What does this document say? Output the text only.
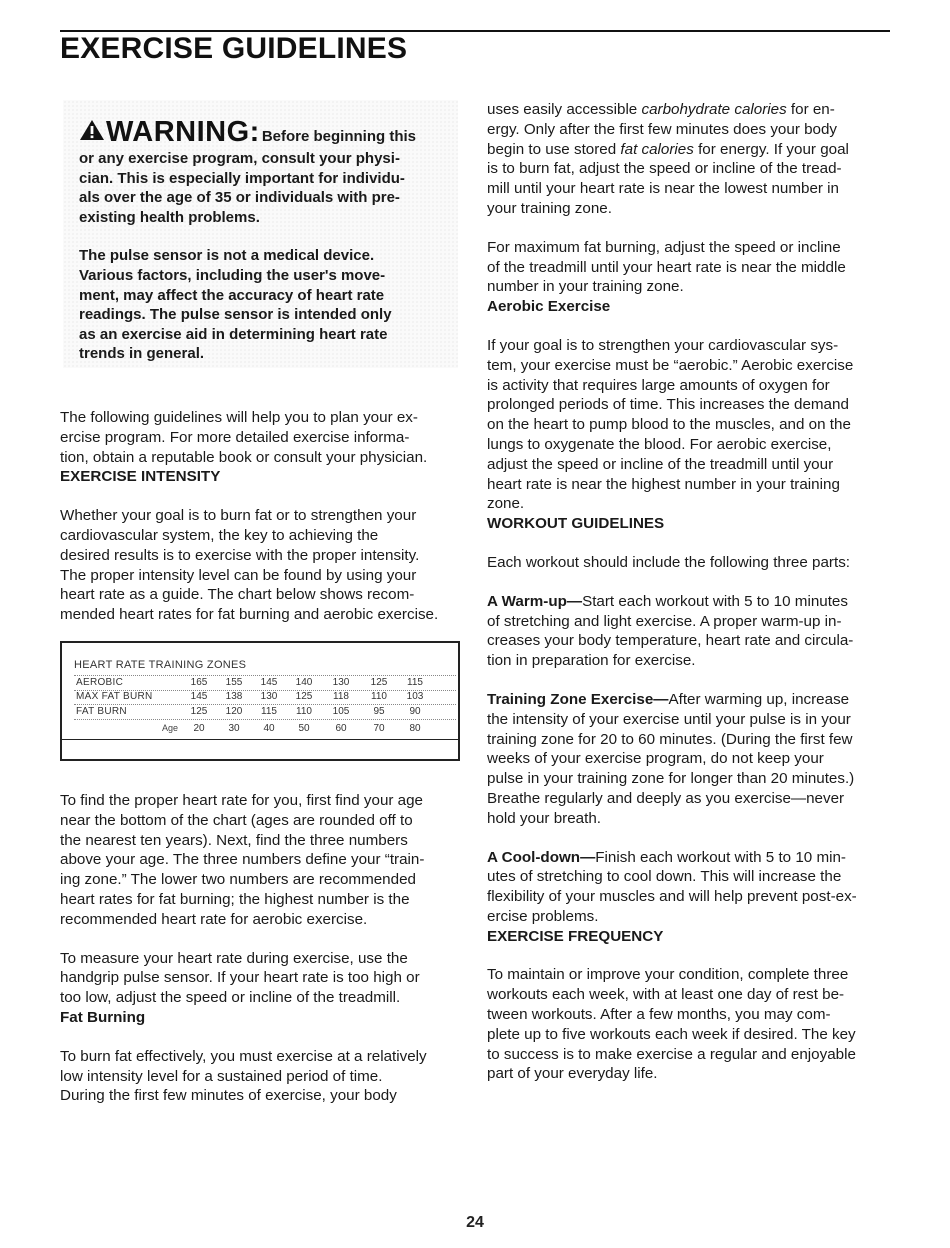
EXERCISE GUIDELINES
WARNING: Before beginning this

or any exercise program, consult your physi-
cian. This is especially important for individu-
als over the age of 35 or individuals with pre-
existing health problems.

The pulse sensor is not a medical device.
Various factors, including the user's move-
ment, may affect the accuracy of heart rate
readings. The pulse sensor is intended only
as an exercise aid in determining heart rate
trends in general.

The following guidelines will help you to plan your ex-
ercise program. For more detailed exercise informa-
tion, obtain a reputable book or consult your physician.

EXERCISE INTENSITY

Whether your goal is to burn fat or to strengthen your
cardiovascular system, the key to achieving the
desired results is to exercise with the proper intensity.
The proper intensity level can be found by using your
heart rate as a guide. The chart below shows recom-
mended heart rates for fat burning and aerobic exercise.

HEART RATE TRAINING ZONES
AEROBIC	165	155	145	140	130	125	115
MAX FAT BURN	145	138	130	125	118	110	103
FAT BURN	125	120	115	110	105	95	90
Age	20	30	40	50	60	70	80

To find the proper heart rate for you, first find your age
near the bottom of the chart (ages are rounded off to
the nearest ten years). Next, find the three numbers
above your age. The three numbers define your “train-
ing zone.” The lower two numbers are recommended
heart rates for fat burning; the highest number is the
recommended heart rate for aerobic exercise.

To measure your heart rate during exercise, use the
handgrip pulse sensor. If your heart rate is too high or
too low, adjust the speed or incline of the treadmill.

Fat Burning

To burn fat effectively, you must exercise at a relatively
low intensity level for a sustained period of time.
During the first few minutes of exercise, your body

uses easily accessible carbohydrate calories for en-
ergy. Only after the first few minutes does your body
begin to use stored fat calories for energy. If your goal
is to burn fat, adjust the speed or incline of the tread-
mill until your heart rate is near the lowest number in
your training zone.

For maximum fat burning, adjust the speed or incline
of the treadmill until your heart rate is near the middle
number in your training zone.

Aerobic Exercise

If your goal is to strengthen your cardiovascular sys-
tem, your exercise must be “aerobic.” Aerobic exercise
is activity that requires large amounts of oxygen for
prolonged periods of time. This increases the demand
on the heart to pump blood to the muscles, and on the
lungs to oxygenate the blood. For aerobic exercise,
adjust the speed or incline of the treadmill until your
heart rate is near the highest number in your training
zone.

WORKOUT GUIDELINES

Each workout should include the following three parts:

A Warm-up—Start each workout with 5 to 10 minutes
of stretching and light exercise. A proper warm-up in-
creases your body temperature, heart rate and circula-
tion in preparation for exercise.

Training Zone Exercise—After warming up, increase
the intensity of your exercise until your pulse is in your
training zone for 20 to 60 minutes. (During the first few
weeks of your exercise program, do not keep your
pulse in your training zone for longer than 20 minutes.)
Breathe regularly and deeply as you exercise—never
hold your breath.

A Cool-down—Finish each workout with 5 to 10 min-
utes of stretching to cool down. This will increase the
flexibility of your muscles and will help prevent post-ex-
ercise problems.

EXERCISE FREQUENCY

To maintain or improve your condition, complete three
workouts each week, with at least one day of rest be-
tween workouts. After a few months, you may com-
plete up to five workouts each week if desired. The key
to success is to make exercise a regular and enjoyable
part of your everyday life.

24
